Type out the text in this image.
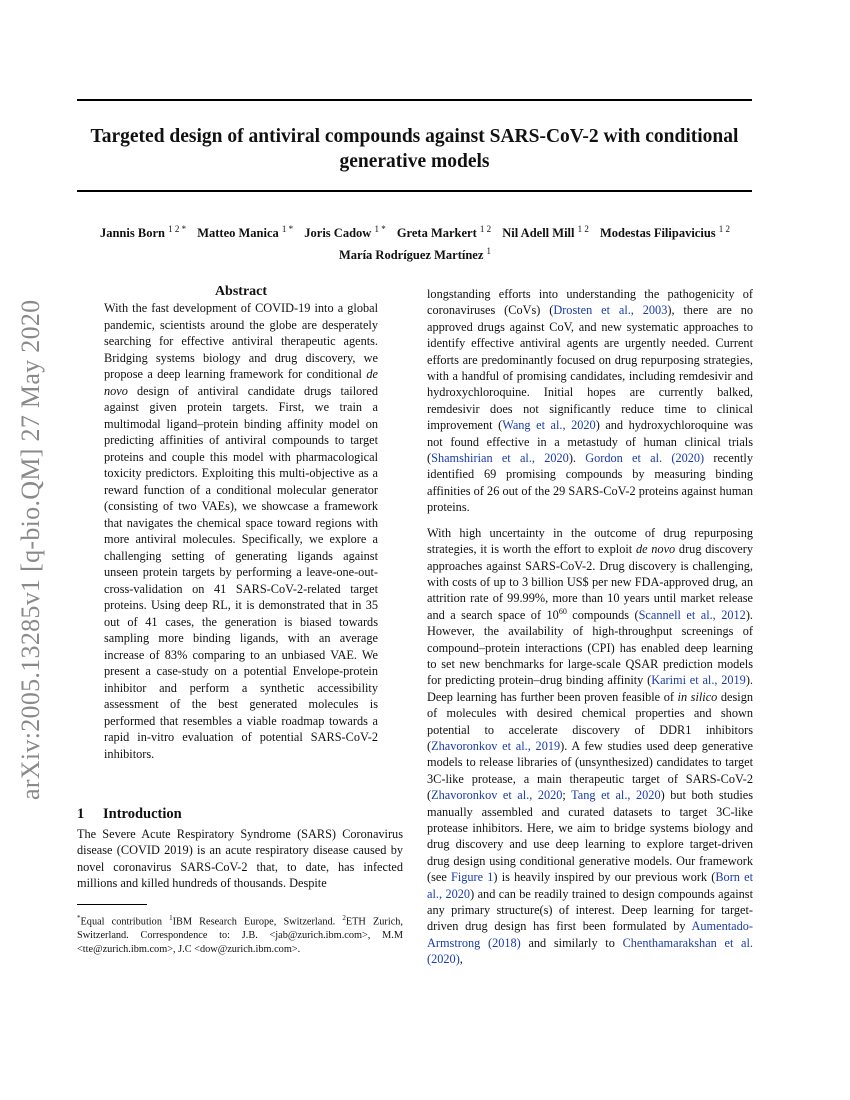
Targeted design of antiviral compounds against SARS-CoV-2 with conditional generative models
Jannis Born $^{1 2 *}$ Matteo Manica $^{1 *}$ Joris Cadow $^{1 *}$ Greta Markert $^{1 2}$ Nil Adell Mill $^{1 2}$ Modestas Filipavicius $^{1 2}$
María Rodríguez Martínez $^1$
arXiv:2005.13285v1 [q-bio.QM] 27 May 2020
Abstract
With the fast development of COVID-19 into a global pandemic, scientists around the globe are desperately searching for effective antiviral therapeutic agents. Bridging systems biology and drug discovery, we propose a deep learning framework for conditional de novo design of antiviral candidate drugs tailored against given protein targets. First, we train a multimodal ligand–protein binding affinity model on predicting affinities of antiviral compounds to target proteins and couple this model with pharmacological toxicity predictors. Exploiting this multi-objective as a reward function of a conditional molecular generator (consisting of two VAEs), we showcase a framework that navigates the chemical space toward regions with more antiviral molecules. Specifically, we explore a challenging setting of generating ligands against unseen protein targets by performing a leave-one-out-cross-validation on 41 SARS-CoV-2-related target proteins. Using deep RL, it is demonstrated that in 35 out of 41 cases, the generation is biased towards sampling more binding ligands, with an average increase of 83% comparing to an unbiased VAE. We present a case-study on a potential Envelope-protein inhibitor and perform a synthetic accessibility assessment of the best generated molecules is performed that resembles a viable roadmap towards a rapid in-vitro evaluation of potential SARS-CoV-2 inhibitors.
1 Introduction
The Severe Acute Respiratory Syndrome (SARS) Coronavirus disease (COVID 2019) is an acute respiratory disease caused by novel coronavirus SARS-CoV-2 that, to date, has infected millions and killed hundreds of thousands. Despite
*Equal contribution $^1$IBM Research Europe, Switzerland. $^2$ETH Zurich, Switzerland. Correspondence to: J.B. <jab@zurich.ibm.com>, M.M <tte@zurich.ibm.com>, J.C <dow@zurich.ibm.com>.

longstanding efforts into understanding the pathogenicity of coronaviruses (CoVs) (Drosten et al., 2003), there are no approved drugs against CoV, and new systematic approaches to identify effective antiviral agents are urgently needed. Current efforts are predominantly focused on drug repurposing strategies, with a handful of promising candidates, including remdesivir and hydroxychloroquine. Initial hopes are currently balked, remdesivir does not significantly reduce time to clinical improvement (Wang et al., 2020) and hydroxychloroquine was not found effective in a metastudy of human clinical trials (Shamshirian et al., 2020). Gordon et al. (2020) recently identified 69 promising compounds by measuring binding affinities of 26 out of the 29 SARS-CoV-2 proteins against human proteins.

With high uncertainty in the outcome of drug repurposing strategies, it is worth the effort to exploit de novo drug discovery approaches against SARS-CoV-2. Drug discovery is challenging, with costs of up to 3 billion US$ per new FDA-approved drug, an attrition rate of 99.99%, more than 10 years until market release and a search space of $10^{60}$ compounds (Scannell et al., 2012). However, the availability of high-throughput screenings of compound–protein interactions (CPI) has enabled deep learning to set new benchmarks for large-scale QSAR prediction models for predicting protein–drug binding affinity (Karimi et al., 2019). Deep learning has further been proven feasible of in silico design of molecules with desired chemical properties and shown potential to accelerate discovery of DDR1 inhibitors (Zhavoronkov et al., 2019). A few studies used deep generative models to release libraries of (unsynthesized) candidates to target 3C-like protease, a main therapeutic target of SARS-CoV-2 (Zhavoronkov et al., 2020; Tang et al., 2020) but both studies manually assembled and curated datasets to target 3C-like protease inhibitors. Here, we aim to bridge systems biology and drug discovery and use deep learning to explore target-driven drug design using conditional generative models. Our framework (see Figure 1) is heavily inspired by our previous work (Born et al., 2020) and can be readily trained to design compounds against any primary structure(s) of interest. Deep learning for target-driven drug design has first been formulated by Aumentado-Armstrong (2018) and similarly to Chenthamarakshan et al. (2020),
